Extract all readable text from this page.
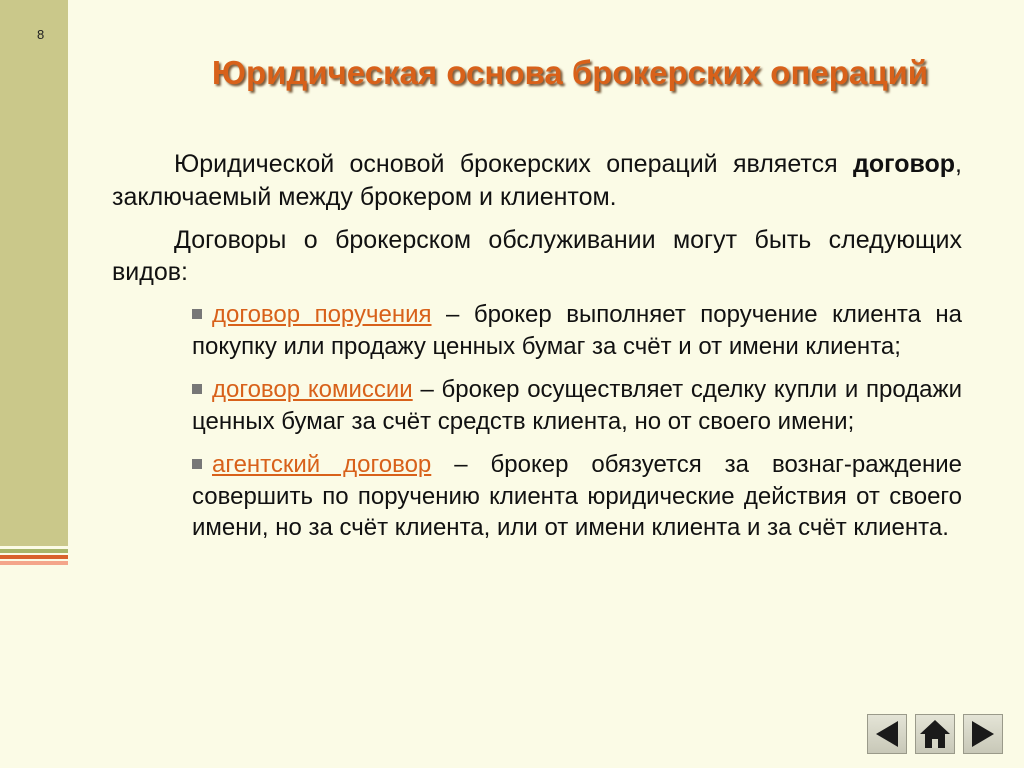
8
Юридическая основа брокерских операций

Юридической основой брокерских операций является договор, заключаемый между брокером и клиентом.

Договоры о брокерском обслуживании могут быть следующих видов:

договор поручения – брокер выполняет поручение клиента на покупку или продажу ценных бумаг за счёт и от имени клиента;
договор комиссии – брокер осуществляет сделку купли и продажи ценных бумаг за счёт средств клиента, но от своего имени;
агентский договор – брокер обязуется за вознаг-раждение совершить по поручению клиента юридические действия от своего имени, но за счёт клиента, или от имени клиента и за счёт клиента.
